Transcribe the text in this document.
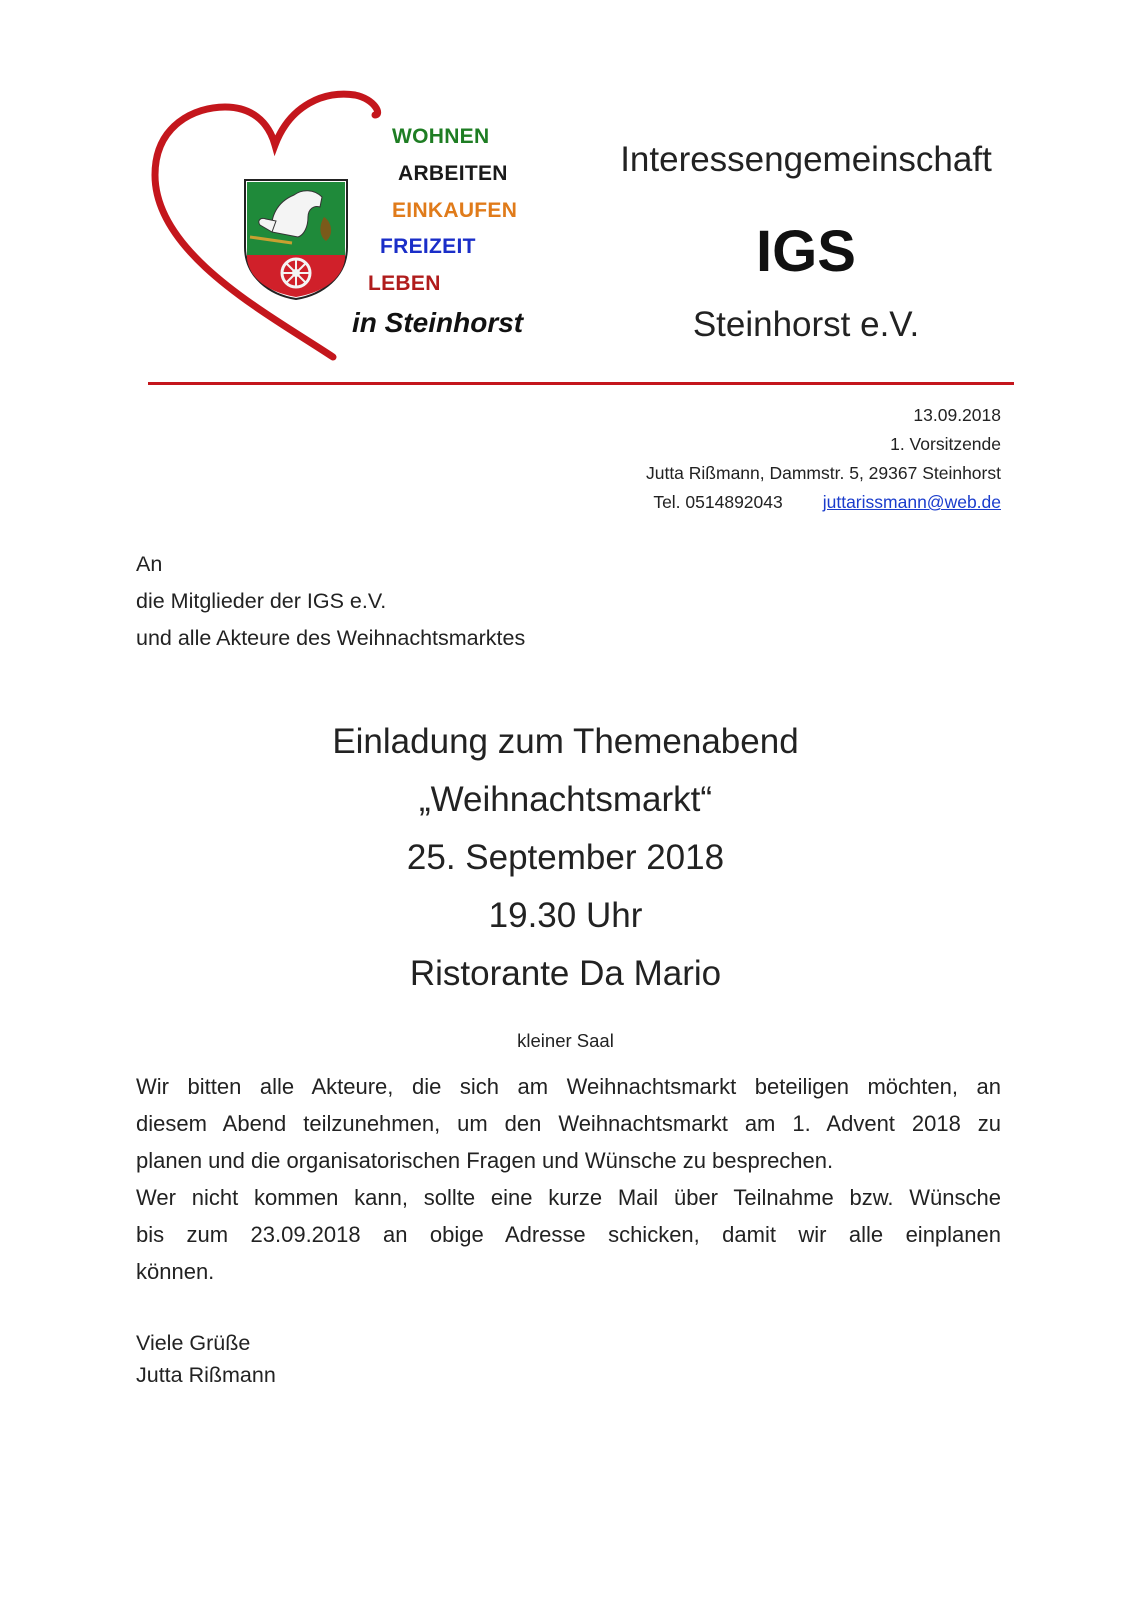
WOHNEN
ARBEITEN
EINKAUFEN
FREIZEIT
LEBEN
in Steinhorst
Interessengemeinschaft
IGS
Steinhorst e.V.
13.09.2018
1. Vorsitzende
Jutta Rißmann, Dammstr. 5, 29367 Steinhorst
Tel. 0514892043 juttarissmann@web.de
An
die Mitglieder der IGS e.V.
und alle Akteure des Weihnachtsmarktes
Einladung zum Themenabend
„Weihnachtsmarkt“
25. September 2018
19.30 Uhr
Ristorante Da Mario
kleiner Saal
Wir bitten alle Akteure, die sich am Weihnachtsmarkt beteiligen möchten, an
diesem Abend teilzunehmen, um den Weihnachtsmarkt am 1. Advent 2018 zu
planen und die organisatorischen Fragen und Wünsche zu besprechen.
Wer nicht kommen kann, sollte eine kurze Mail über Teilnahme bzw. Wünsche
bis zum 23.09.2018 an obige Adresse schicken, damit wir alle einplanen
können.
Viele Grüße
Jutta Rißmann
